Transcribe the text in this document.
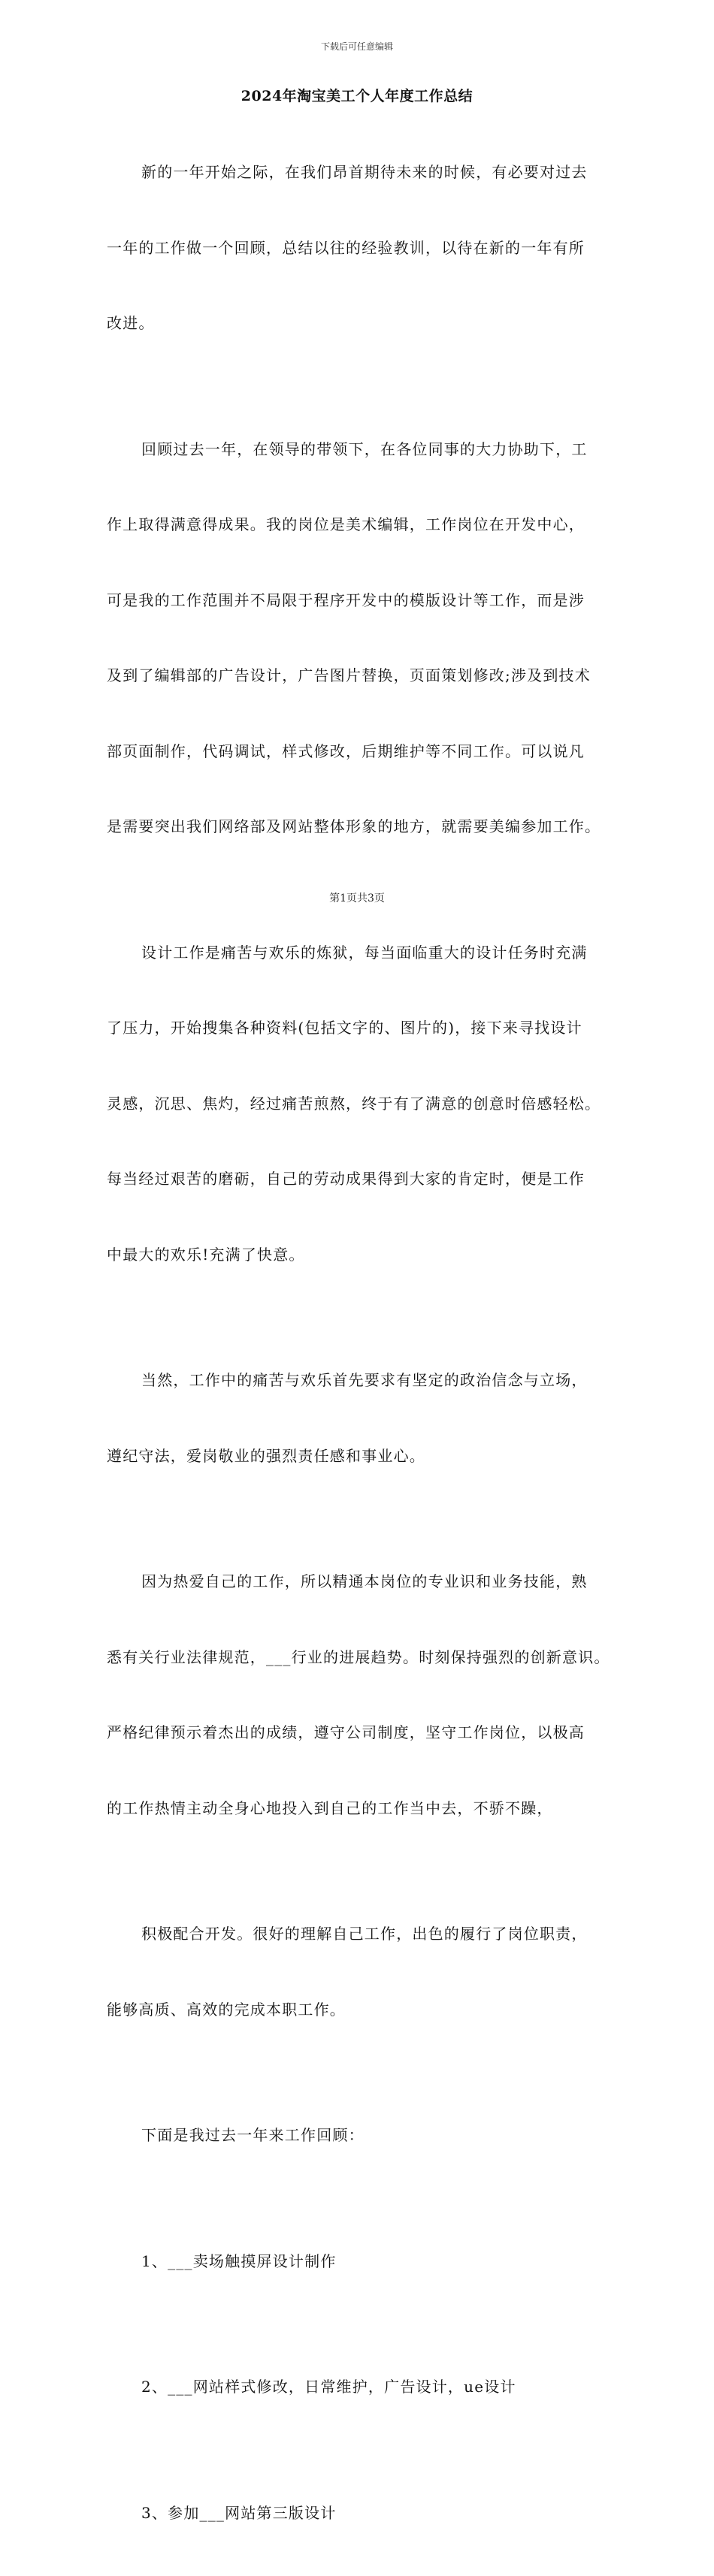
下载后可任意编辑
2024年淘宝美工个人年度工作总结

新的一年开始之际，在我们昂首期待未来的时候，有必要对过去

一年的工作做一个回顾，总结以往的经验教训，以待在新的一年有所

改进。

回顾过去一年，在领导的带领下，在各位同事的大力协助下，工

作上取得满意得成果。我的岗位是美术编辑，工作岗位在开发中心，

可是我的工作范围并不局限于程序开发中的模版设计等工作，而是涉

及到了编辑部的广告设计，广告图片替换，页面策划修改;涉及到技术

部页面制作，代码调试，样式修改，后期维护等不同工作。可以说凡

是需要突出我们网络部及网站整体形象的地方，就需要美编参加工作。

设计工作是痛苦与欢乐的炼狱，每当面临重大的设计任务时充满

了压力，开始搜集各种资料(包括文字的、图片的)，接下来寻找设计

灵感，沉思、焦灼，经过痛苦煎熬，终于有了满意的创意时倍感轻松。

每当经过艰苦的磨砺，自己的劳动成果得到大家的肯定时，便是工作

中最大的欢乐!充满了快意。

当然，工作中的痛苦与欢乐首先要求有坚定的政治信念与立场，

遵纪守法，爱岗敬业的强烈责任感和事业心。

因为热爱自己的工作，所以精通本岗位的专业识和业务技能，熟

悉有关行业法律规范，___行业的进展趋势。时刻保持强烈的创新意识。

严格纪律预示着杰出的成绩，遵守公司制度，坚守工作岗位，以极高

的工作热情主动全身心地投入到自己的工作当中去，不骄不躁，

积极配合开发。很好的理解自己工作，出色的履行了岗位职责，

能够高质、高效的完成本职工作。

下面是我过去一年来工作回顾：

1、___卖场触摸屏设计制作

2、___网站样式修改，日常维护，广告设计，ue设计

3、参加___网站第三版设计

第1页共3页
